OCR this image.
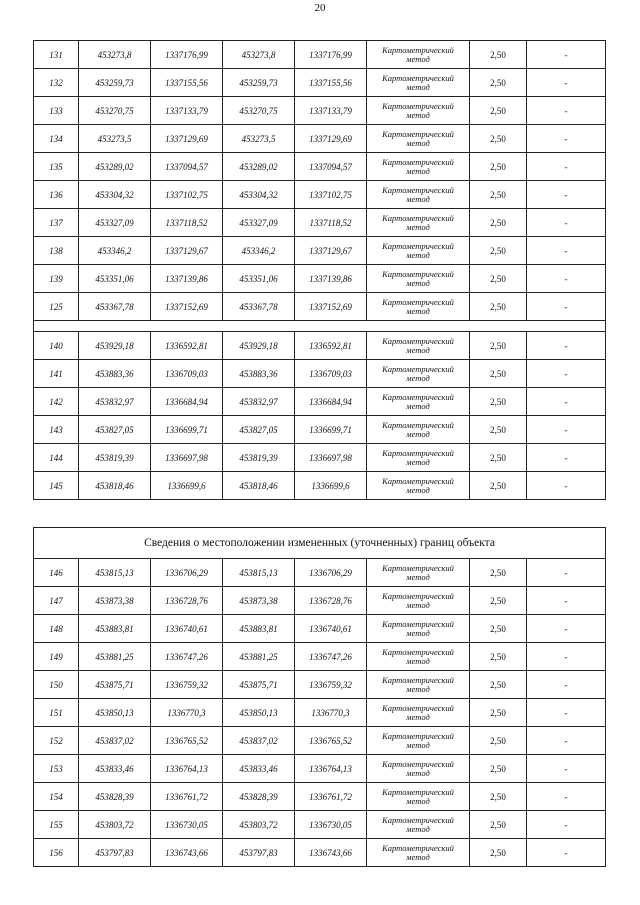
20
131	453273,8	1337176,99	453273,8	1337176,99	Картометрический
метод	2,50	-
132	453259,73	1337155,56	453259,73	1337155,56	Картометрический
метод	2,50	-
133	453270,75	1337133,79	453270,75	1337133,79	Картометрический
метод	2,50	-
134	453273,5	1337129,69	453273,5	1337129,69	Картометрический
метод	2,50	-
135	453289,02	1337094,57	453289,02	1337094,57	Картометрический
метод	2,50	-
136	453304,32	1337102,75	453304,32	1337102,75	Картометрический
метод	2,50	-
137	453327,09	1337118,52	453327,09	1337118,52	Картометрический
метод	2,50	-
138	453346,2	1337129,67	453346,2	1337129,67	Картометрический
метод	2,50	-
139	453351,06	1337139,86	453351,06	1337139,86	Картометрический
метод	2,50	-
125	453367,78	1337152,69	453367,78	1337152,69	Картометрический
метод	2,50	-

140	453929,18	1336592,81	453929,18	1336592,81	Картометрический
метод	2,50	-
141	453883,36	1336709,03	453883,36	1336709,03	Картометрический
метод	2,50	-
142	453832,97	1336684,94	453832,97	1336684,94	Картометрический
метод	2,50	-
143	453827,05	1336699,71	453827,05	1336699,71	Картометрический
метод	2,50	-
144	453819,39	1336697,98	453819,39	1336697,98	Картометрический
метод	2,50	-
145	453818,46	1336699,6	453818,46	1336699,6	Картометрический
метод	2,50	-
Сведения о местоположении измененных (уточненных) границ объекта							
146	453815,13	1336706,29	453815,13	1336706,29	Картометрический
метод	2,50	-
147	453873,38	1336728,76	453873,38	1336728,76	Картометрический
метод	2,50	-
148	453883,81	1336740,61	453883,81	1336740,61	Картометрический
метод	2,50	-
149	453881,25	1336747,26	453881,25	1336747,26	Картометрический
метод	2,50	-
150	453875,71	1336759,32	453875,71	1336759,32	Картометрический
метод	2,50	-
151	453850,13	1336770,3	453850,13	1336770,3	Картометрический
метод	2,50	-
152	453837,02	1336765,52	453837,02	1336765,52	Картометрический
метод	2,50	-
153	453833,46	1336764,13	453833,46	1336764,13	Картометрический
метод	2,50	-
154	453828,39	1336761,72	453828,39	1336761,72	Картометрический
метод	2,50	-
155	453803,72	1336730,05	453803,72	1336730,05	Картометрический
метод	2,50	-
156	453797,83	1336743,66	453797,83	1336743,66	Картометрический
метод	2,50	-
